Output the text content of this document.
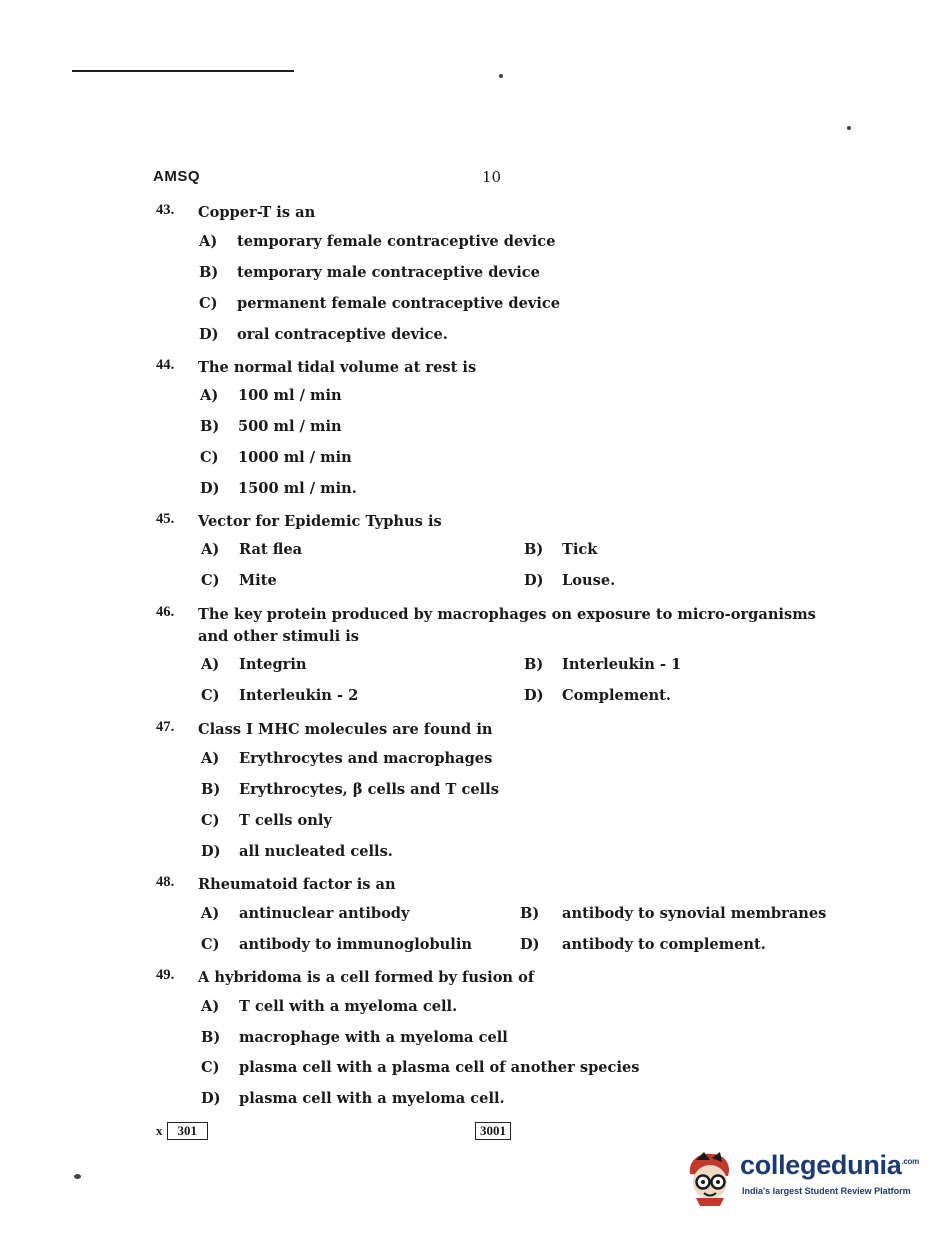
AMSQ	10
43.	Copper-T is an
A)	temporary female contraceptive device
B)	temporary male contraceptive device
C)	permanent female contraceptive device
D)	oral contraceptive device.
44.	The normal tidal volume at rest is
A)	100 ml / min
B)	500 ml / min
C)	1000 ml / min
D)	1500 ml / min.
45.	Vector for Epidemic Typhus is
A)	Rat flea	B)	Tick
C)	Mite	D)	Louse.
46.	The key protein produced by macrophages on exposure to micro-organisms and other stimuli is
A)	Integrin	B)	Interleukin - 1
C)	Interleukin - 2	D)	Complement.
47.	Class I MHC molecules are found in
A)	Erythrocytes and macrophages
B)	Erythrocytes, β cells and T cells
C)	T cells only
D)	all nucleated cells.
48.	Rheumatoid factor is an
A)	antinuclear antibody	B)	antibody to synovial membranes
C)	antibody to immunoglobulin	D)	antibody to complement.
49.	A hybridoma is a cell formed by fusion of
A)	T cell with a myeloma cell.
B)	macrophage with a myeloma cell
C)	plasma cell with a plasma cell of another species
D)	plasma cell with a myeloma cell.
x 301	3001
collegedunia$^{.com}$
India's largest Student Review Platform
